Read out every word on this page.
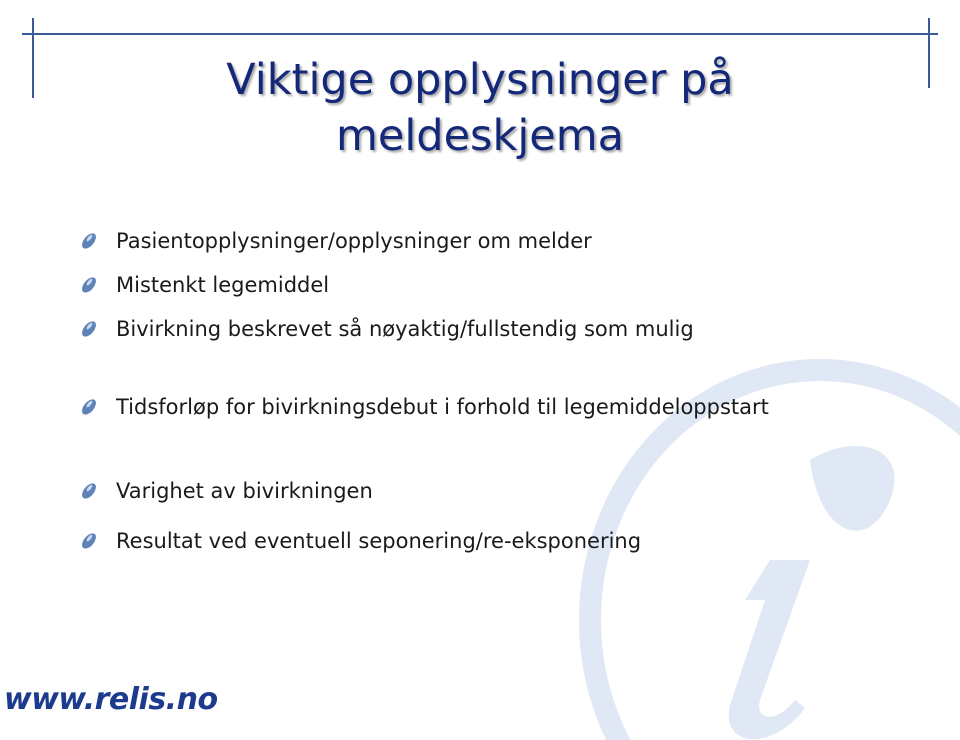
Viktige opplysninger på meldeskjema
Pasientopplysninger/opplysninger om melder
Mistenkt legemiddel
Bivirkning beskrevet så nøyaktig/fullstendig som mulig
Tidsforløp for bivirkningsdebut i forhold til legemiddeloppstart
Varighet av bivirkningen
Resultat ved eventuell seponering/re-eksponering
www.relis.no
